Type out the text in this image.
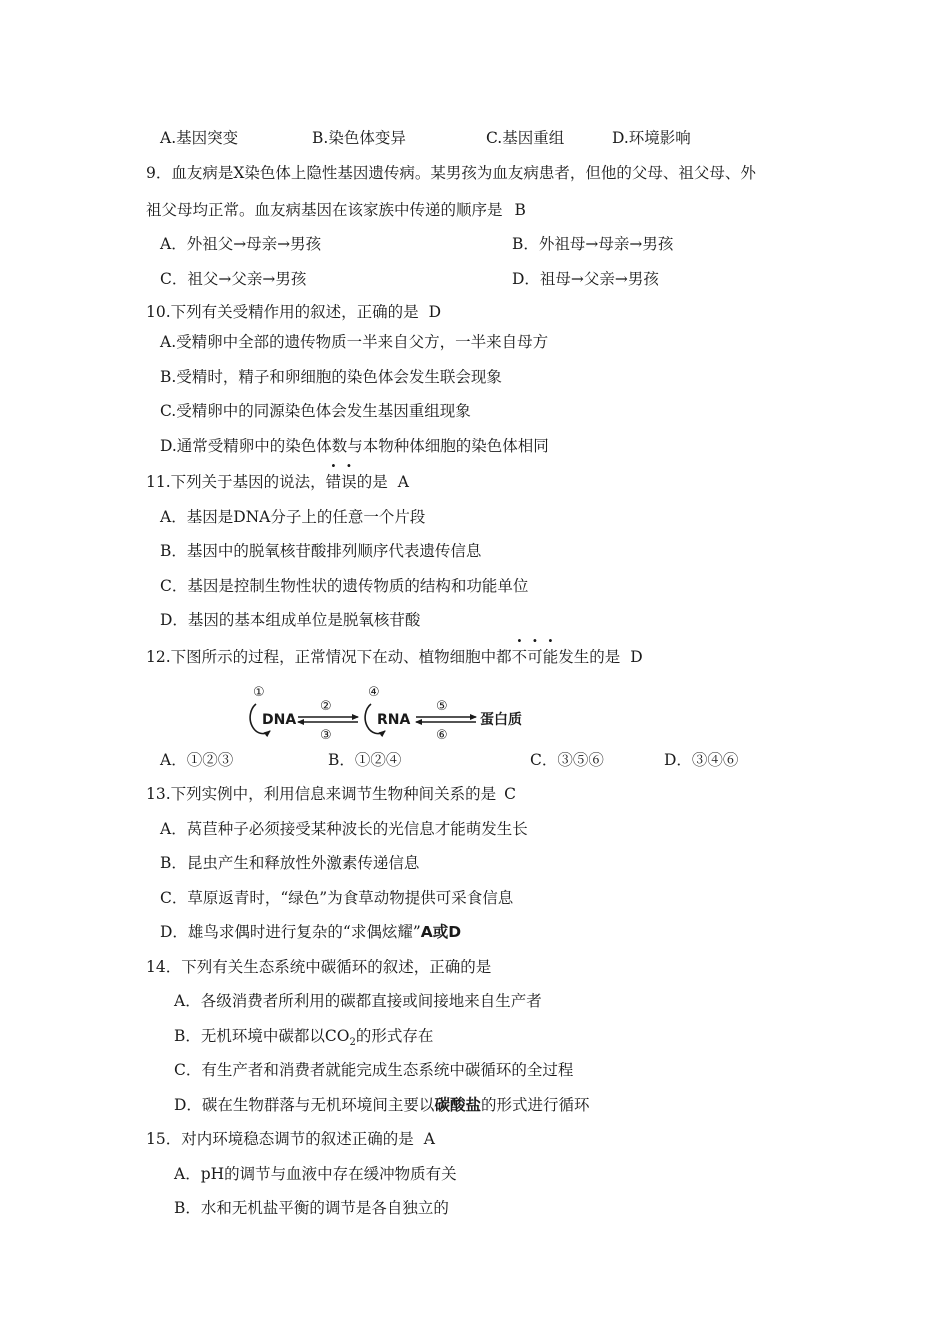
A.基因突变	B.染色体变异	C.基因重组	D.环境影响
9．血友病是X染色体上隐性基因遗传病。某男孩为血友病患者，但他的父母、祖父母、外
祖父母均正常。血友病基因在该家族中传递的顺序是 B
A．外祖父→母亲→男孩	B．外祖母→母亲→男孩
C．祖父→父亲→男孩	D．祖母→父亲→男孩
10.下列有关受精作用的叙述，正确的是 D
A.受精卵中全部的遗传物质一半来自父方，一半来自母方
B.受精时，精子和卵细胞的染色体会发生联会现象
C.受精卵中的同源染色体会发生基因重组现象
D.通常受精卵中的染色体数与本物种体细胞的染色体相同
11.下列关于基因的说法，错误的是 A
A．基因是DNA分子上的任意一个片段
B．基因中的脱氧核苷酸排列顺序代表遗传信息
C．基因是控制生物性状的遗传物质的结构和功能单位
D．基因的基本组成单位是脱氧核苷酸
12.下图所示的过程，正常情况下在动、植物细胞中都不可能发生的是 D
①
DNA
②
③
④
RNA
⑤
⑥
蛋白质
A．①②③	B．①②④	C．③⑤⑥	D．③④⑥
13.下列实例中，利用信息来调节生物种间关系的是 C
A．莴苣种子必须接受某种波长的光信息才能萌发生长
B．昆虫产生和释放性外激素传递信息
C．草原返青时，“绿色”为食草动物提供可采食信息
D．雄鸟求偶时进行复杂的“求偶炫耀”A或D
14．下列有关生态系统中碳循环的叙述，正确的是
A．各级消费者所利用的碳都直接或间接地来自生产者
B．无机环境中碳都以$CO_2$的形式存在
C．有生产者和消费者就能完成生态系统中碳循环的全过程
D．碳在生物群落与无机环境间主要以碳酸盐的形式进行循环
15．对内环境稳态调节的叙述正确的是 A
A．pH的调节与血液中存在缓冲物质有关
B．水和无机盐平衡的调节是各自独立的
